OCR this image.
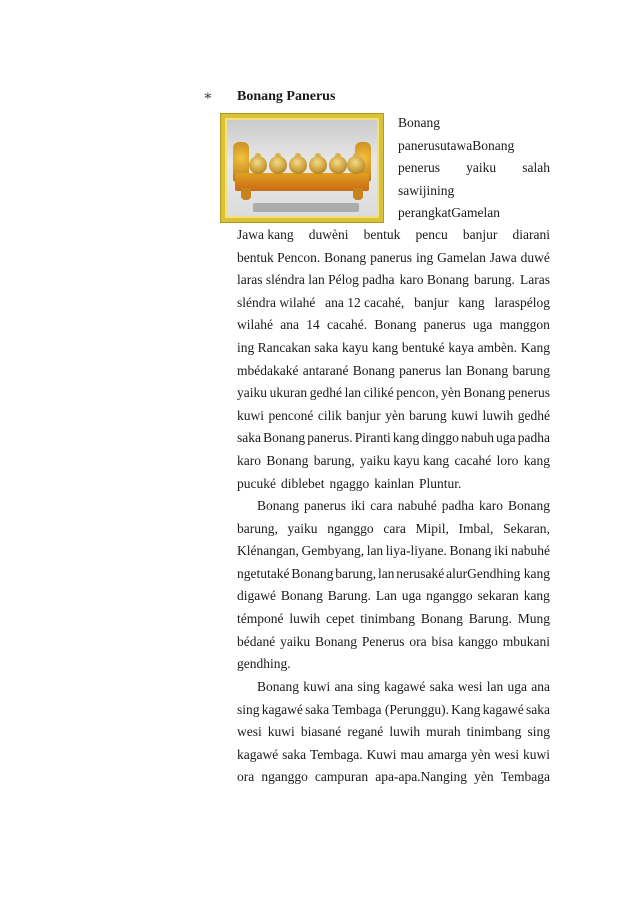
∗ Bonang Panerus
Bonang
panerusutawaBonang
penerus yaiku salah
sawijining
perangkatGamelan
Jawa kang duwèni bentuk pencu banjur diarani
bentuk Pencon. Bonang panerus ing Gamelan Jawa duwé
laras sléndra lan Pélog padha karo Bonang barung. Laras
sléndra wilahé ana 12 cacahé, banjur kang laraspélog
wilahé ana 14 cacahé. Bonang panerus uga manggon
ing Rancakan saka kayu kang bentuké kaya ambèn. Kang
mbédakaké antarané Bonang panerus lan Bonang barung
yaiku ukuran gedhé lan ciliké pencon, yèn Bonang penerus
kuwi penconé cilik banjur yèn barung kuwi luwih gedhé
saka Bonang panerus. Piranti kang dinggo nabuh uga padha
karo Bonang barung, yaiku kayu kang cacahé loro kang
pucuké diblebet ngaggo kainlan Pluntur.
Bonang panerus iki cara nabuhé padha karo Bonang
barung, yaiku nganggo cara Mipil, Imbal, Sekaran,
Klénangan, Gembyang, lan liya-liyane. Bonang iki nabuhé
ngetutaké Bonang barung, lan nerusaké alurGendhing kang
digawé Bonang Barung. Lan uga nganggo sekaran kang
témponé luwih cepet tinimbang Bonang Barung. Mung
bédané yaiku Bonang Penerus ora bisa kanggo mbukani
gendhing.
Bonang kuwi ana sing kagawé saka wesi lan uga ana
sing kagawé saka Tembaga (Perunggu). Kang kagawé saka
wesi kuwi biasané regané luwih murah tinimbang sing
kagawé saka Tembaga. Kuwi mau amarga yèn wesi kuwi
ora nganggo campuran apa-apa.Nanging yèn Tembaga
